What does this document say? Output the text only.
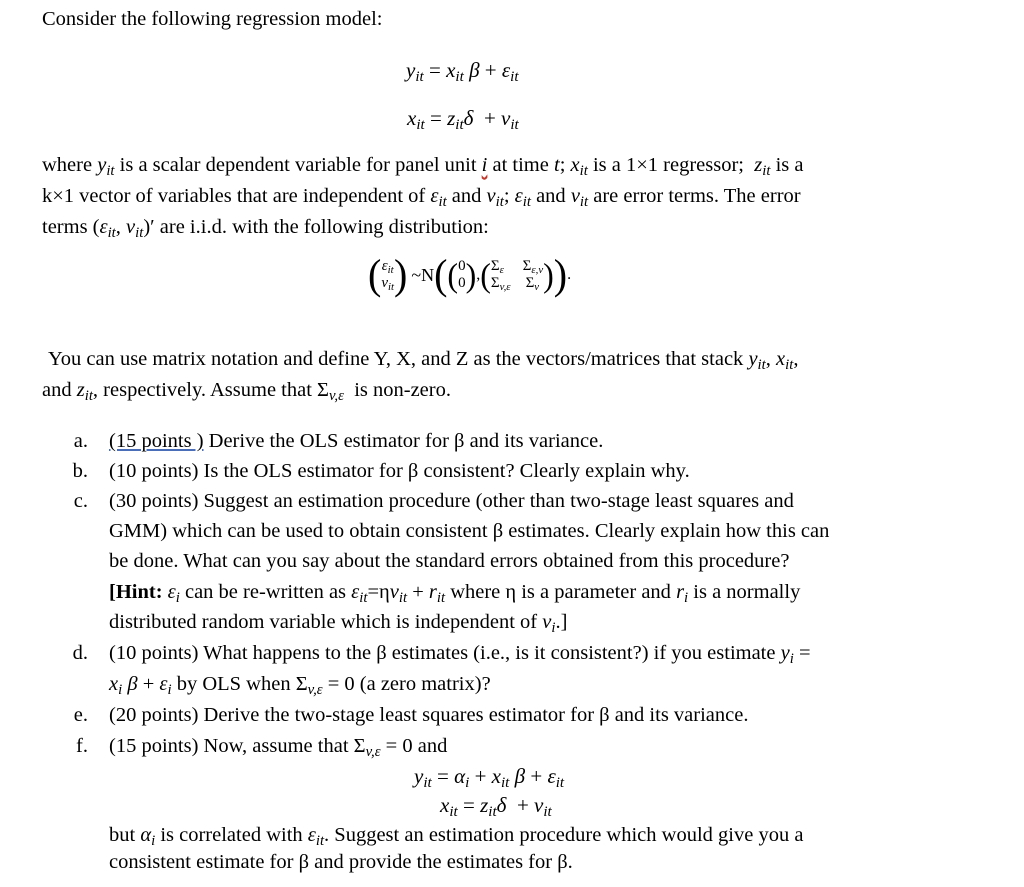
Consider the following regression model:
$y_{it} = x_{it}$ $\beta + \varepsilon_{it}$
$x_{it} = z_{it}\delta + v_{it}$
where $y_{it}$ is a scalar dependent variable for panel unit i at time t; $x_{it}$ is a 1×1 regressor; $z_{it}$ is a
k×1 vector of variables that are independent of $\varepsilon_{it}$ and $v_{it}$; $\varepsilon_{it}$ and $v_{it}$ are error terms. The error
terms ($\varepsilon_{it}$, $v_{it})'$ are i.i.d. with the following distribution:
($\varepsilon_{it}$
$v_{it}$) ~N((0
$0),(\Sigma_\varepsilon$     $\Sigma_{\varepsilon,v}$
$\Sigma_{v,\varepsilon}$    $\Sigma_v$ )).
You can use matrix notation and define Y, X, and Z as the vectors/matrices that stack $y_{it}$, $x_{it}$,
and $z_{it}$, respectively. Assume that $\Sigma_{v,\varepsilon}$ is non-zero.
a. (15 points ) Derive the OLS estimator for β and its variance.
b. (10 points) Is the OLS estimator for β consistent? Clearly explain why.
c. (30 points) Suggest an estimation procedure (other than two-stage least squares and
GMM) which can be used to obtain consistent β estimates. Clearly explain how this can
be done. What can you say about the standard errors obtained from this procedure?
[Hint: $\varepsilon_i$ can be re-written as $\varepsilon_{it}=\eta v_{it} + r_{it}$ where η is a parameter and $r_i$ is a normally
distributed random variable which is independent of $v_i$.]
d. (10 points) What happens to the β estimates (i.e., is it consistent?) if you estimate $y_i$ =
$x_i$ $\beta + \varepsilon_i$ by OLS when $\Sigma_{v,\varepsilon} = 0$ (a zero matrix)?
e. (20 points) Derive the two-stage least squares estimator for β and its variance.
f. (15 points) Now, assume that $\Sigma_{v,\varepsilon} = 0$ and
$y_{it} = \alpha_i + x_{it}$ $\beta + \varepsilon_{it}$
$x_{it} = z_{it}\delta + v_{it}$
but $\alpha_i$ is correlated with $\varepsilon_{it}$. Suggest an estimation procedure which would give you a
consistent estimate for β and provide the estimates for β.
